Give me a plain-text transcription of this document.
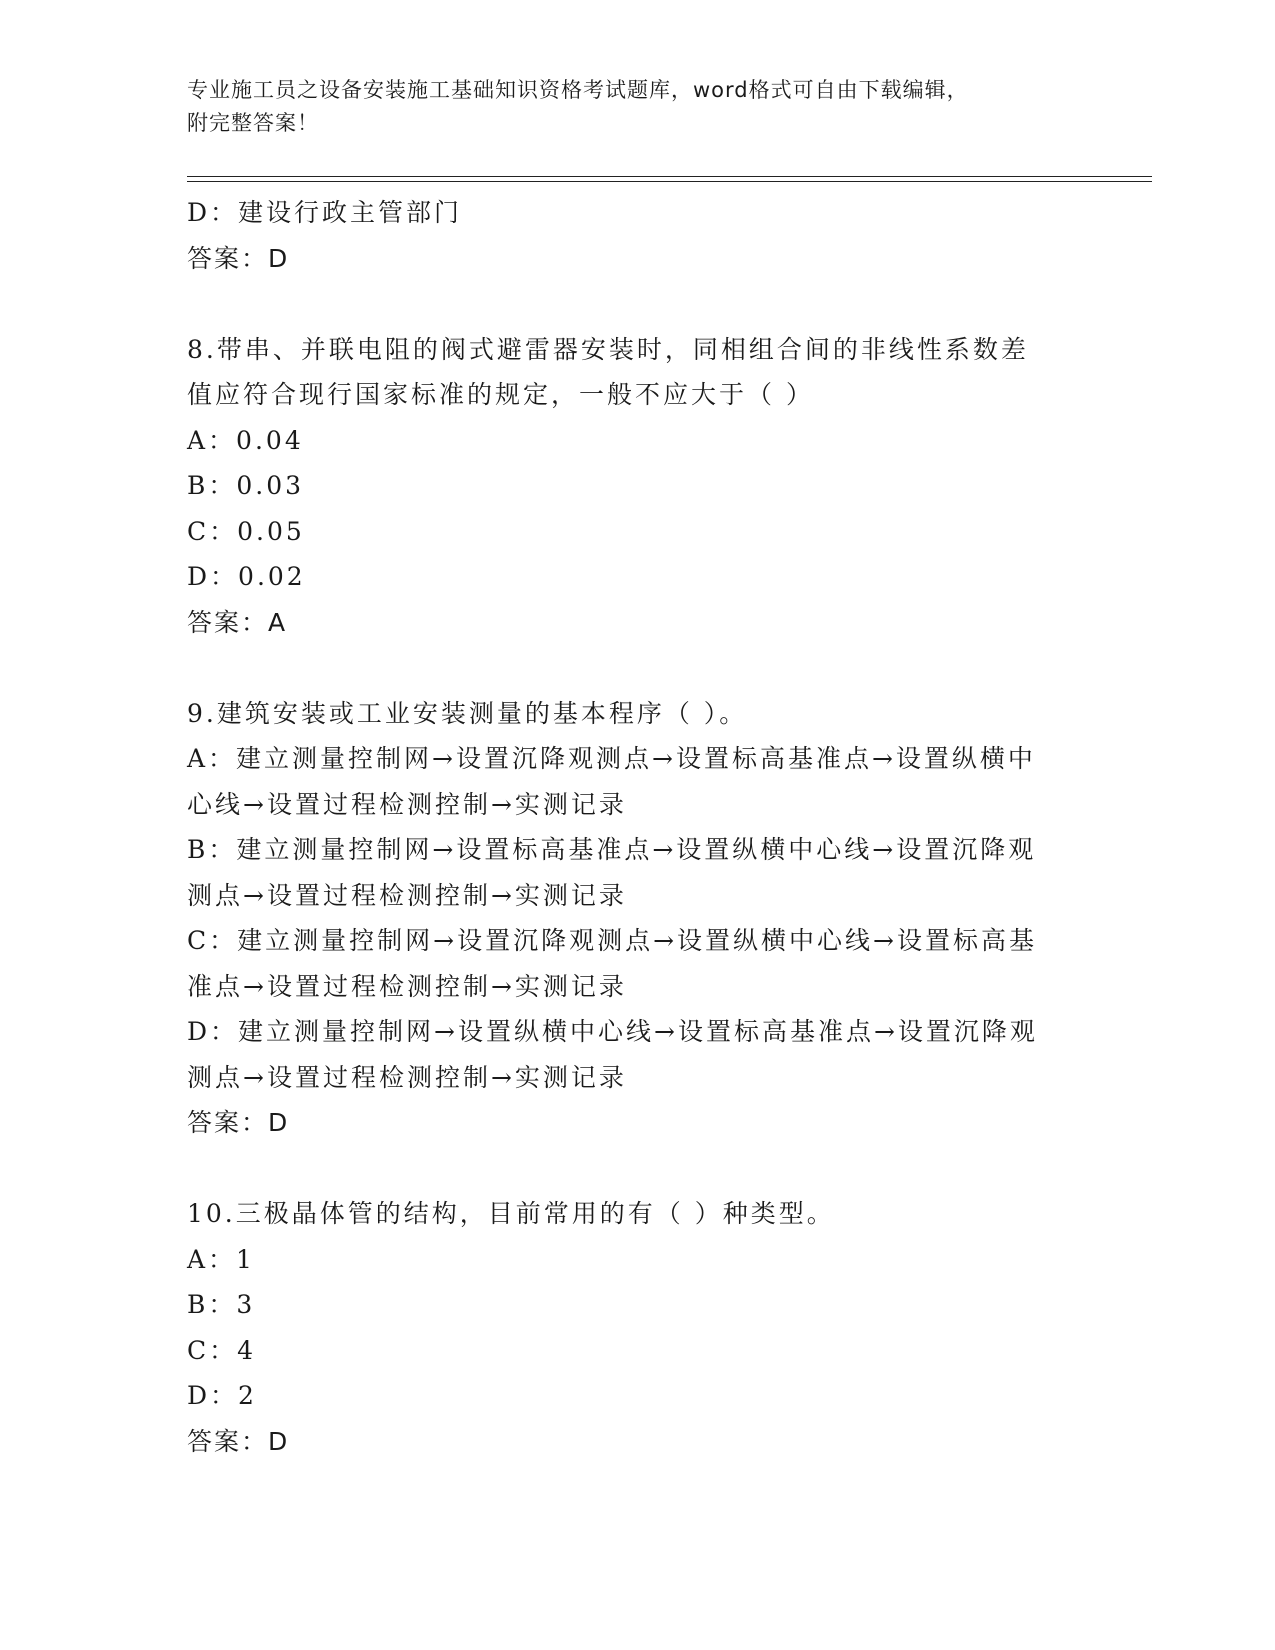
专业施工员之设备安装施工基础知识资格考试题库，word格式可自由下载编辑，
附完整答案！
D：建设行政主管部门
答案：D
8.带串、并联电阻的阀式避雷器安装时，同相组合间的非线性系数差
值应符合现行国家标准的规定，一般不应大于（ ）
A：0.04
B：0.03
C：0.05
D：0.02
答案：A
9.建筑安装或工业安装测量的基本程序（ ）。
A：建立测量控制网→设置沉降观测点→设置标高基准点→设置纵横中
心线→设置过程检测控制→实测记录
B：建立测量控制网→设置标高基准点→设置纵横中心线→设置沉降观
测点→设置过程检测控制→实测记录
C：建立测量控制网→设置沉降观测点→设置纵横中心线→设置标高基
准点→设置过程检测控制→实测记录
D：建立测量控制网→设置纵横中心线→设置标高基准点→设置沉降观
测点→设置过程检测控制→实测记录
答案：D
10.三极晶体管的结构，目前常用的有（ ）种类型。
A：1
B：3
C：4
D：2
答案：D
